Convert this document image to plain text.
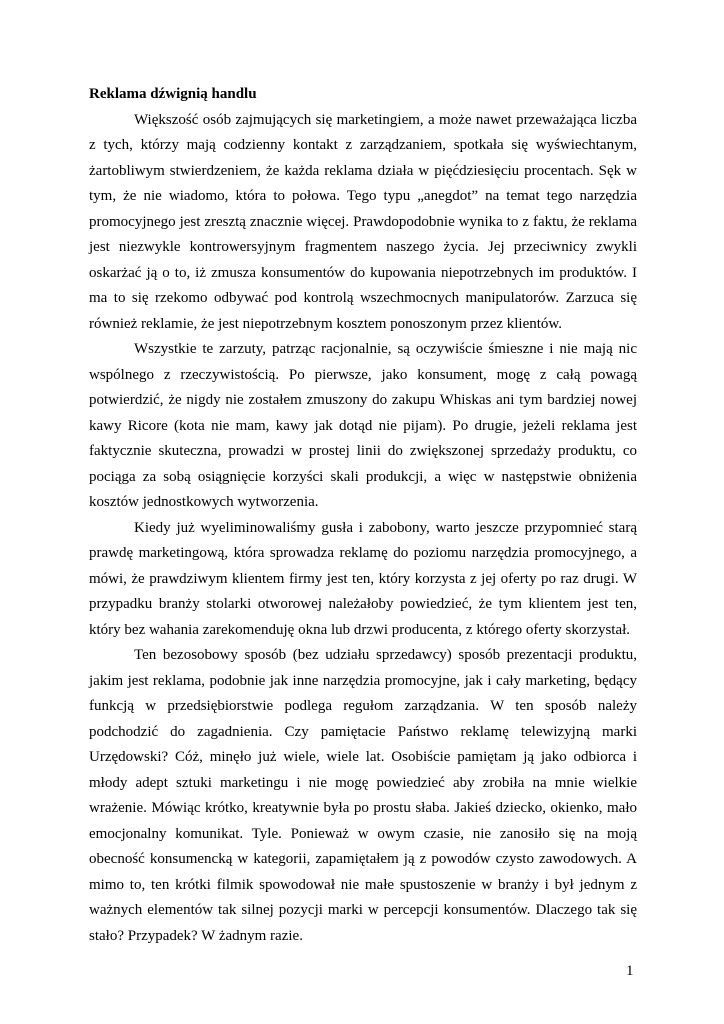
Reklama dźwignią handlu

Większość osób zajmujących się marketingiem, a może nawet przeważająca liczba z tych, którzy mają codzienny kontakt z zarządzaniem, spotkała się wyświechtanym, żartobliwym stwierdzeniem, że każda reklama działa w pięćdziesięciu procentach. Sęk w tym, że nie wiadomo, która to połowa. Tego typu „anegdot” na temat tego narzędzia promocyjnego jest zresztą znacznie więcej. Prawdopodobnie wynika to z faktu, że reklama jest niezwykle kontrowersyjnym fragmentem naszego życia. Jej przeciwnicy zwykli oskarżać ją o to, iż zmusza konsumentów do kupowania niepotrzebnych im produktów. I ma to się rzekomo odbywać pod kontrolą wszechmocnych manipulatorów. Zarzuca się również reklamie, że jest niepotrzebnym kosztem ponoszonym przez klientów.

Wszystkie te zarzuty, patrząc racjonalnie, są oczywiście śmieszne i nie mają nic wspólnego z rzeczywistością. Po pierwsze, jako konsument, mogę z całą powagą potwierdzić, że nigdy nie zostałem zmuszony do zakupu Whiskas ani tym bardziej nowej kawy Ricore (kota nie mam, kawy jak dotąd nie pijam). Po drugie, jeżeli reklama jest faktycznie skuteczna, prowadzi w prostej linii do zwiększonej sprzedaży produktu, co pociąga za sobą osiągnięcie korzyści skali produkcji, a więc w następstwie obniżenia kosztów jednostkowych wytworzenia.

Kiedy już wyeliminowaliśmy gusła i zabobony, warto jeszcze przypomnieć starą prawdę marketingową, która sprowadza reklamę do poziomu narzędzia promocyjnego, a mówi, że prawdziwym klientem firmy jest ten, który korzysta z jej oferty po raz drugi. W przypadku branży stolarki otworowej należałoby powiedzieć, że tym klientem jest ten, który bez wahania zarekomenduję okna lub drzwi producenta, z którego oferty skorzystał.

Ten bezosobowy sposób (bez udziału sprzedawcy) sposób prezentacji produktu, jakim jest reklama, podobnie jak inne narzędzia promocyjne, jak i cały marketing, będący funkcją w przedsiębiorstwie podlega regułom zarządzania. W ten sposób należy podchodzić do zagadnienia. Czy pamiętacie Państwo reklamę telewizyjną marki Urzędowski? Cóż, minęło już wiele, wiele lat. Osobiście pamiętam ją jako odbiorca i młody adept sztuki marketingu i nie mogę powiedzieć aby zrobiła na mnie wielkie wrażenie. Mówiąc krótko, kreatywnie była po prostu słaba. Jakieś dziecko, okienko, mało emocjonalny komunikat. Tyle. Ponieważ w owym czasie, nie zanosiło się na moją obecność konsumencką w kategorii, zapamiętałem ją z powodów czysto zawodowych. A mimo to, ten krótki filmik spowodował nie małe spustoszenie w branży i był jednym z ważnych elementów tak silnej pozycji marki w percepcji konsumentów. Dlaczego tak się stało? Przypadek? W żadnym razie.

1
